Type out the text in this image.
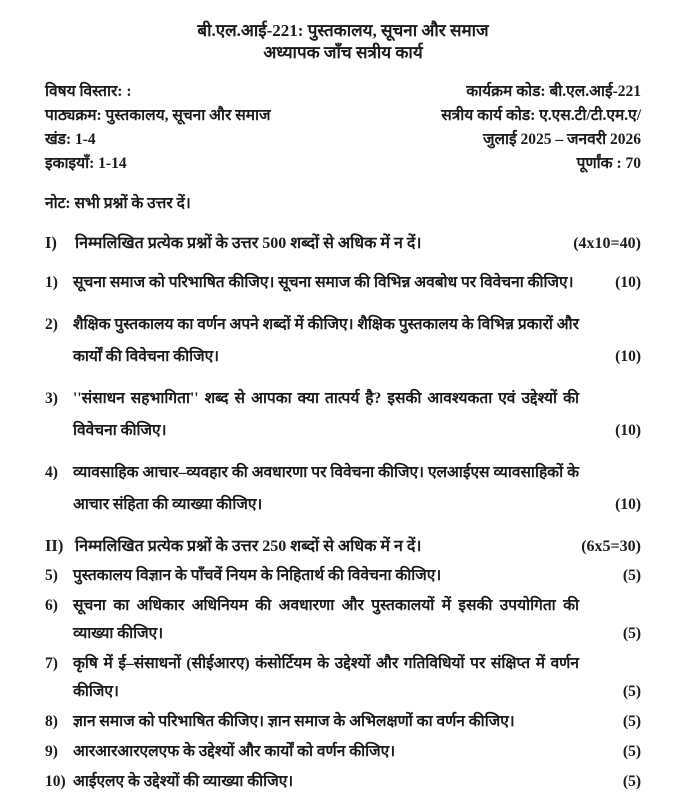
बी.एल.आई-221: पुस्तकालय, सूचना और समाज
अध्यापक जाँच सत्रीय कार्य
विषय विस्तार: :
पाठ्यक्रम: पुस्तकालय, सूचना और समाज
खंड: 1-4
इकाइयाँ: 1-14
कार्यक्रम कोड: बी.एल.आई-221
सत्रीय कार्य कोड: ए.एस.टी/टी.एम.ए/
जुलाई 2025 – जनवरी 2026
पूर्णांक : 70
नोट: सभी प्रश्नों के उत्तर दें।
I)	निम्मलिखित प्रत्येक प्रश्नों के उत्तर 500 शब्दों से अधिक में न दें।	(4x10=40)
1) सूचना समाज को परिभाषित कीजिए। सूचना समाज की विभिन्न अवबोध पर विवेचना कीजिए।	(10)
2) शैक्षिक पुस्तकालय का वर्णन अपने शब्दों में कीजिए। शैक्षिक पुस्तकालय के विभिन्न प्रकारों और कार्यों की विवेचना कीजिए।	(10)
3) ''संसाधन सहभागिता'' शब्द से आपका क्या तात्पर्य है? इसकी आवश्यकता एवं उद्देश्यों की विवेचना कीजिए।	(10)
4) व्यावसाहिक आचार–व्यवहार की अवधारणा पर विवेचना कीजिए। एलआईएस व्यावसाहिकों के आचार संहिता की व्याख्या कीजिए।	(10)
II) निम्मलिखित प्रत्येक प्रश्नों के उत्तर 250 शब्दों से अधिक में न दें।	(6x5=30)
5) पुस्तकालय विज्ञान के पाँचवें नियम के निहितार्थ की विवेचना कीजिए।	(5)
6) सूचना का अधिकार अधिनियम की अवधारणा और पुस्तकालयों में इसकी उपयोगिता की व्याख्या कीजिए।	(5)
7) कृषि में ई–संसाधनों (सीईआरए) कंसोर्टियम के उद्देश्यों और गतिविधियों पर संक्षिप्त में वर्णन कीजिए।	(5)
8) ज्ञान समाज को परिभाषित कीजिए। ज्ञान समाज के अभिलक्षणों का वर्णन कीजिए।	(5)
9) आरआरआरएलएफ के उद्देश्यों और कार्यों को वर्णन कीजिए।	(5)
10) आईएलए के उद्देश्यों की व्याख्या कीजिए।	(5)
